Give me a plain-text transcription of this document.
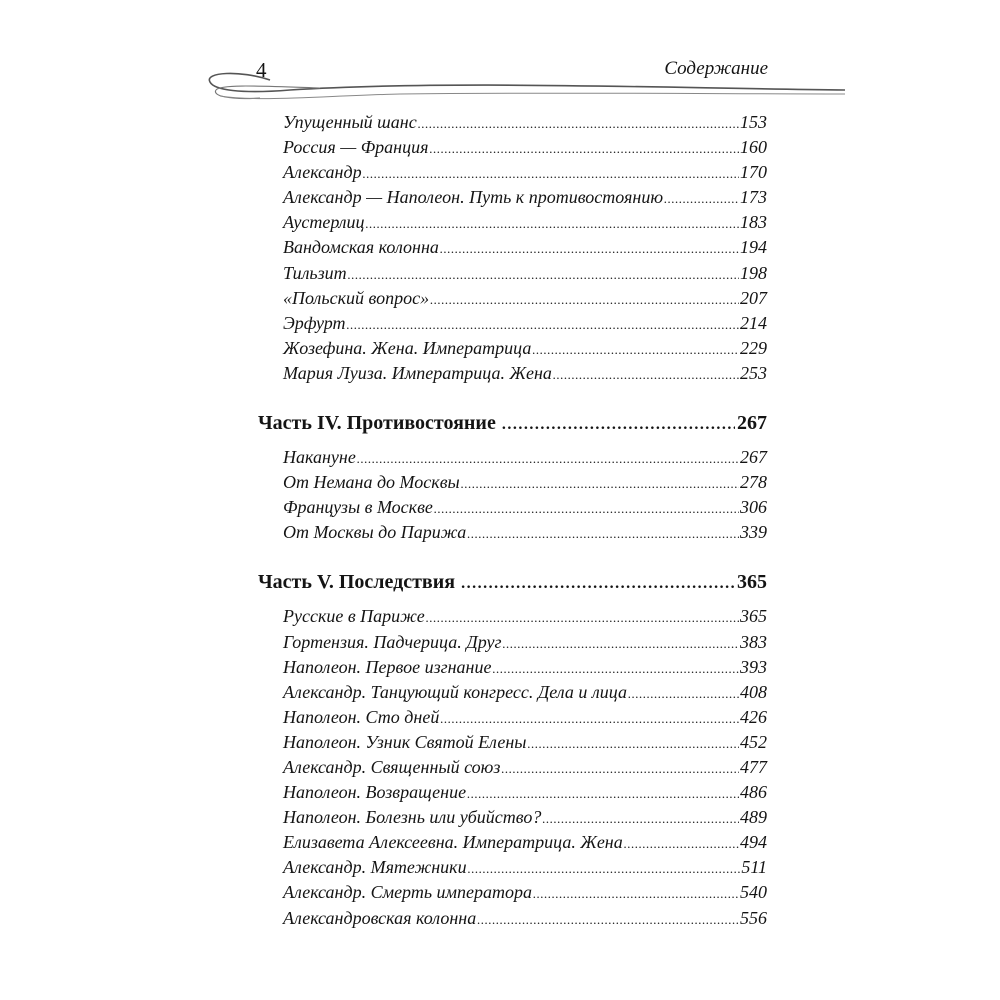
4	Содержание
Упущенный шанс .....	153
Россия — Франция .....	160
Александр .....	170
Александр — Наполеон. Путь к противостоянию .....	173
Аустерлиц .....	183
Вандомская колонна .....	194
Тильзит .....	198
«Польский вопрос» .....	207
Эрфурт .....	214
Жозефина. Жена. Императрица .....	229
Мария Луиза. Императрица. Жена .....	253
Часть IV. Противостояние .....	267
Накануне .....	267
От Немана до Москвы .....	278
Французы в Москве .....	306
От Москвы до Парижа .....	339
Часть V. Последствия .....	365
Русские в Париже .....	365
Гортензия. Падчерица. Друг .....	383
Наполеон. Первое изгнание .....	393
Александр. Танцующий конгресс. Дела и лица .....	408
Наполеон. Сто дней .....	426
Наполеон. Узник Святой Елены .....	452
Александр. Священный союз .....	477
Наполеон. Возвращение .....	486
Наполеон. Болезнь или убийство? .....	489
Елизавета Алексеевна. Императрица. Жена .....	494
Александр. Мятежники .....	511
Александр. Смерть императора .....	540
Александровская колонна .....	556
